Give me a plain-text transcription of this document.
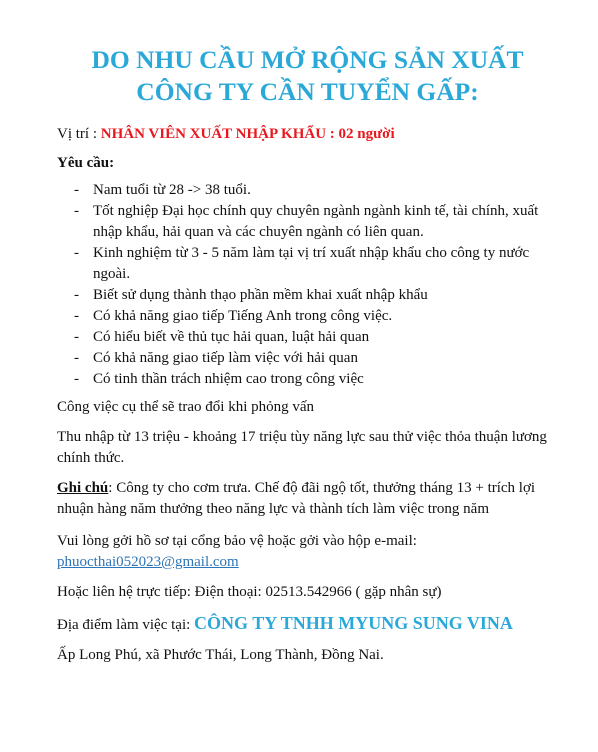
DO NHU CẦU MỞ RỘNG SẢN XUẤT
CÔNG TY CẦN TUYỂN GẤP:
Vị trí : NHÂN VIÊN XUẤT NHẬP KHẨU : 02 người
Yêu cầu:
- Nam tuổi từ 28 -> 38 tuổi.
- Tốt nghiệp Đại học chính quy chuyên ngành ngành kinh tế, tài chính, xuất nhập khẩu, hải quan và các chuyên ngành có liên quan.
- Kinh nghiệm từ 3 - 5 năm làm tại vị trí xuất nhập khẩu cho công ty nước ngoài.
- Biết sử dụng thành thạo phần mềm khai xuất nhập khẩu
- Có khả năng giao tiếp Tiếng Anh trong công việc.
- Có hiểu biết về thủ tục hải quan, luật hải quan
- Có khả năng giao tiếp làm việc với hải quan
- Có tinh thần trách nhiệm cao trong công việc

Công việc cụ thể sẽ trao đổi khi phỏng vấn

Thu nhập từ 13 triệu - khoảng 17 triệu tùy năng lực sau thử việc thỏa thuận lương chính thức.

Ghi chú: Công ty cho cơm trưa. Chế độ đãi ngộ tốt, thưởng tháng 13 + trích lợi nhuận hàng năm thưởng theo năng lực và thành tích làm việc trong năm

Vui lòng gởi hồ sơ tại cổng bảo vệ hoặc gởi vào hộp e-mail:
phuocthai052023@gmail.com

Hoặc liên hệ trực tiếp: Điện thoại: 02513.542966 ( gặp nhân sự)

Địa điểm làm việc tại: CÔNG TY TNHH MYUNG SUNG VINA

Ấp Long Phú, xã Phước Thái, Long Thành, Đồng Nai.
